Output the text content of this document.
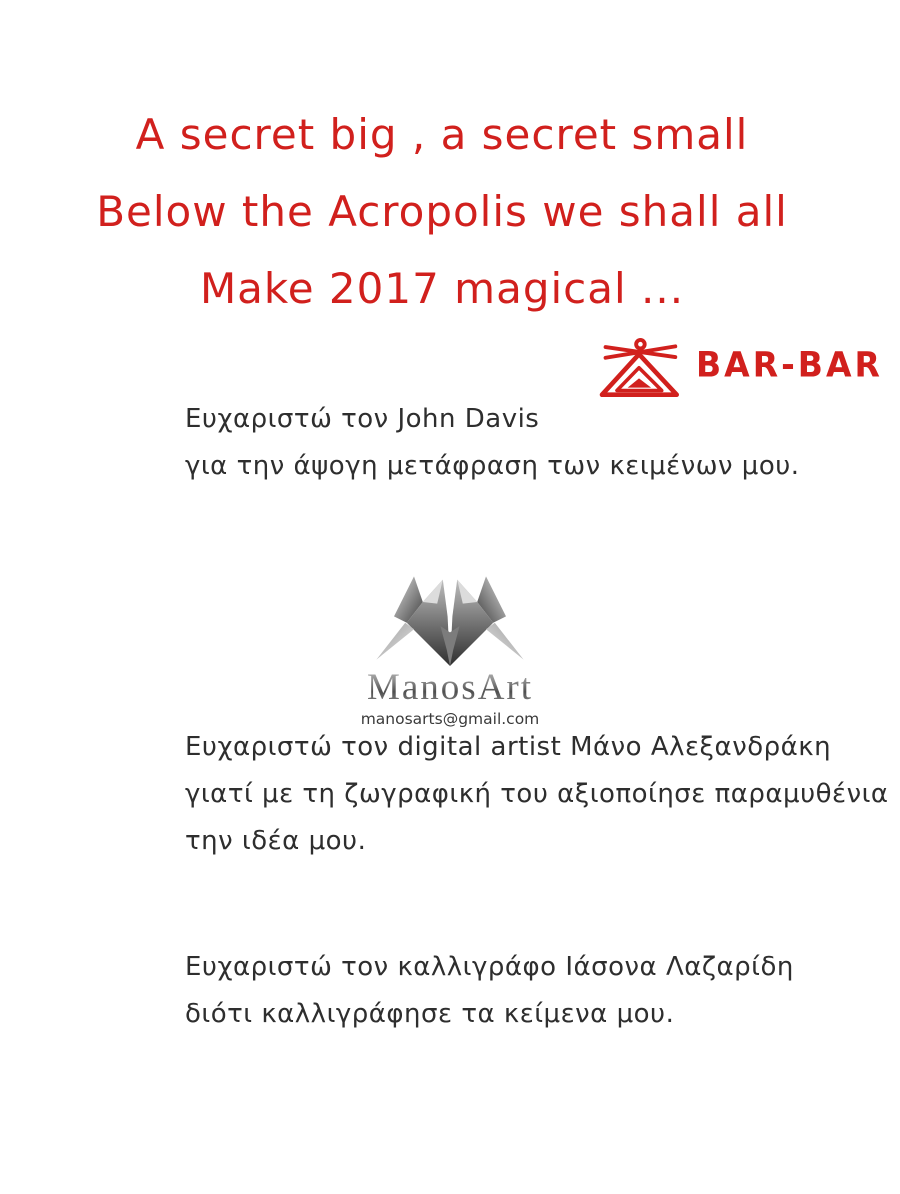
A secret big , a secret small
Below the Acropolis we shall all
Make 2017 magical ...
BAR-BAR
Ευχαριστώ τον John Davis
για την άψογη μετάφραση των κειμένων μου.
ManosArt
manosarts@gmail.com
Ευχαριστώ τον digital artist Μάνο Αλεξανδράκη
γιατί με τη ζωγραφική του αξιοποίησε παραμυθένια
την ιδέα μου.
Ευχαριστώ τον καλλιγράφο Ιάσονα Λαζαρίδη
διότι καλλιγράφησε τα κείμενα μου.
